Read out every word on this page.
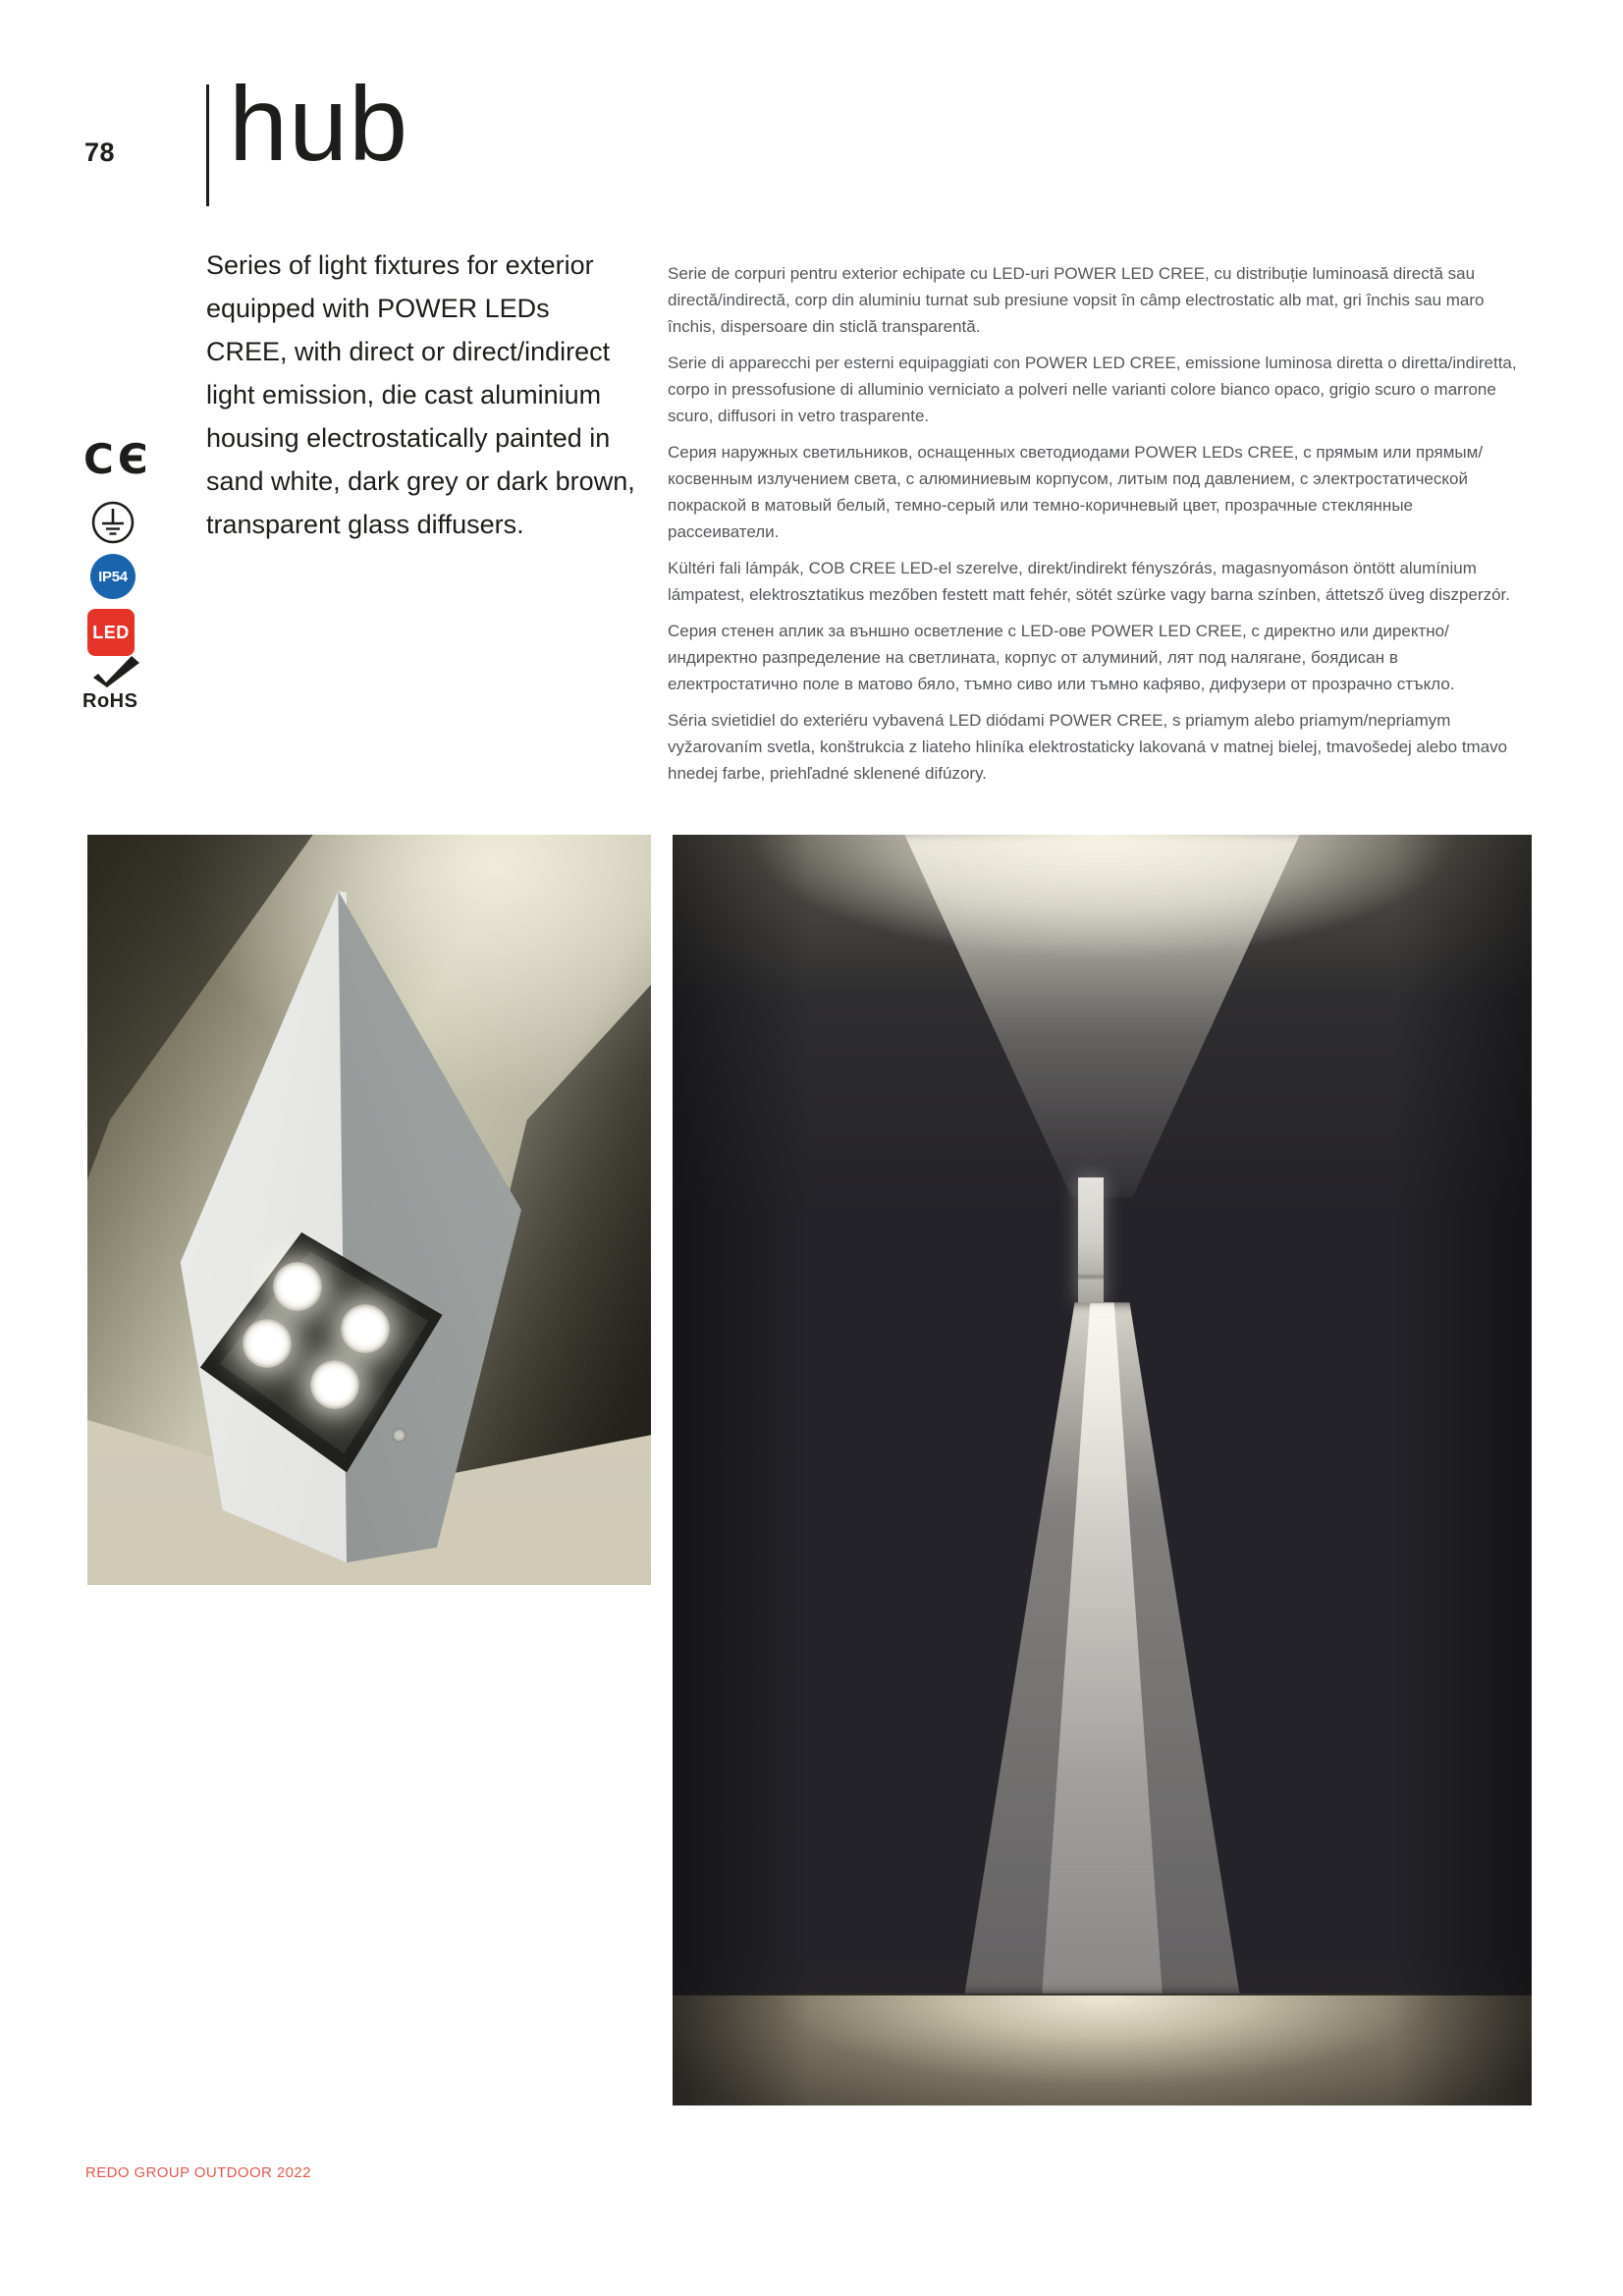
78 hub
Series of light fixtures for exterior
equipped with POWER LEDs
CREE, with direct or direct/indirect
light emission, die cast aluminium
housing electrostatically painted in
sand white, dark grey or dark brown,
transparent glass diffusers.
CЄ
IP54
LED
RoHS

Serie de corpuri pentru exterior echipate cu LED-uri POWER LED CREE, cu distribuție luminoasă directă sau directă/indirectă, corp din aluminiu turnat sub presiune vopsit în câmp electrostatic alb mat, gri închis sau maro închis, dispersoare din sticlă transparentă.

Serie di apparecchi per esterni equipaggiati con POWER LED CREE, emissione luminosa diretta o diretta/indiretta, corpo in pressofusione di alluminio verniciato a polveri nelle varianti colore bianco opaco, grigio scuro o marrone scuro, diffusori in vetro trasparente.

Серия наружных светильников, оснащенных светодиодами POWER LEDs CREE, с прямым или прямым/косвенным излучением света, с алюминиевым корпусом, литым под давлением, с электростатической покраской в матовый белый, темно-серый или темно-коричневый цвет, прозрачные стеклянные рассеиватели.

Kültéri fali lámpák, COB CREE LED-el szerelve, direkt/indirekt fényszórás, magasnyomáson öntött alumínium lámpatest, elektrosztatikus mezőben festett matt fehér, sötét szürke vagy barna színben, áttetsző üveg diszperzór.

Серия стенен аплик за външно осветление с LED-ове POWER LED CREE, с директно или директно/индиректно разпределение на светлината, корпус от алуминий, лят под налягане, боядисан в електростатично поле в матово бяло, тъмно сиво или тъмно кафяво, дифузери от прозрачно стъкло.

Séria svietidiel do exteriéru vybavená LED diódami POWER CREE, s priamym alebo priamym/nepriamym vyžarovaním svetla, konštrukcia z liateho hliníka elektrostaticky lakovaná v matnej bielej, tmavošedej alebo tmavo hnedej farbe, priehľadné sklenené difúzory.

REDO GROUP OUTDOOR 2022
